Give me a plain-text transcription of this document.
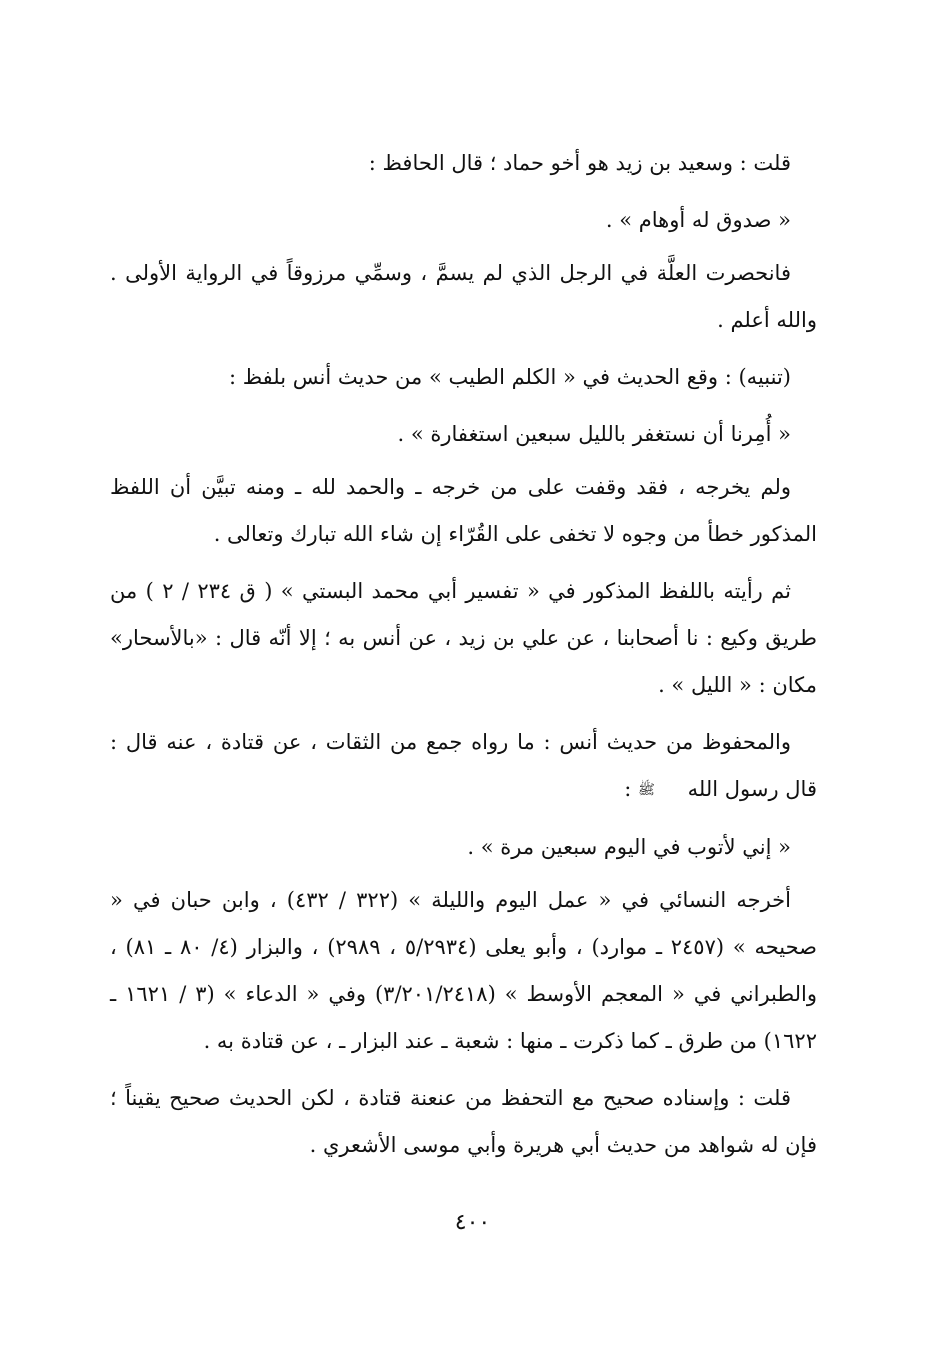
قلت : وسعيد بن زيد هو أخو حماد ؛ قال الحافظ :

« صدوق له أوهام » .

فانحصرت العلَّة في الرجل الذي لم يسمَّ ، وسمِّي مرزوقاً في الرواية الأولى . والله أعلم .

(تنبيه) : وقع الحديث في « الكلم الطيب » من حديث أنس بلفظ :

« أُمِرنا أن نستغفر بالليل سبعين استغفارة » .

ولم يخرجه ، فقد وقفت على من خرجه ـ والحمد لله ـ ومنه تبيَّن أن اللفظ المذكور خطأ من وجوه لا تخفى على القُرّاء إن شاء الله تبارك وتعالى .

ثم رأيته باللفظ المذكور في « تفسير أبي محمد البستي » ( ق ٢٣٤ / ٢ ) من طريق وكيع : نا أصحابنا ، عن علي بن زيد ، عن أنس به ؛ إلا أنّه قال : «بالأسحار» مكان : « الليل » .

والمحفوظ من حديث أنس : ما رواه جمع من الثقات ، عن قتادة ، عنه قال : قال رسول الله ﷺ :

« إني لأتوب في اليوم سبعين مرة » .

أخرجه النسائي في « عمل اليوم والليلة » (٣٢٢ / ٤٣٢) ، وابن حبان في « صحيحه » (٢٤٥٧ ـ موارد) ، وأبو يعلى (٥/٢٩٣٤ ، ٢٩٨٩) ، والبزار (٤/ ٨٠ ـ ٨١) ، والطبراني في « المعجم الأوسط » (٣/٢٠١/٢٤١٨) وفي « الدعاء » (٣ / ١٦٢١ ـ ١٦٢٢) من طرق ـ كما ذكرت ـ منها : شعبة ـ عند البزار ـ ، عن قتادة به .

قلت : وإسناده صحيح مع التحفظ من عنعنة قتادة ، لكن الحديث صحيح يقيناً ؛ فإن له شواهد من حديث أبي هريرة وأبي موسى الأشعري .

٤٠٠
